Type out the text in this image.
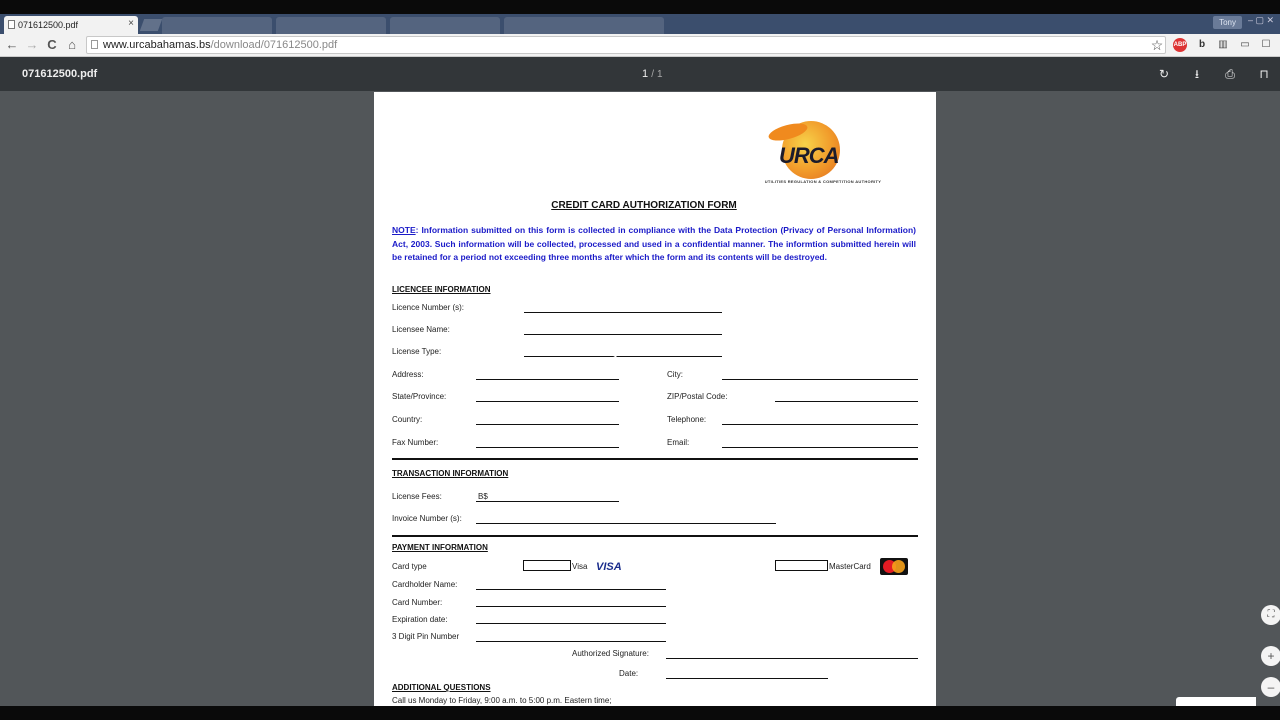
071612500.pdf	×	Tony	– ▢ ✕
← → C ⌂	www.urcabahamas.bs/download/071612500.pdf	☆ ABP	b	▥ ▭ ☐
071612500.pdf	1 / 1	↻	⭳	⎙ ⊓
URCA
UTILITIES REGULATION & COMPETITION AUTHORITY
CREDIT CARD AUTHORIZATION FORM
NOTE: Information submitted on this form is collected in compliance with the Data Protection (Privacy of Personal Information) Act, 2003. Such information will be collected, processed and used in a confidential manner. The informtion submitted herein will be retained for a period not exceeding three months after which the form and its contents will be destroyed.
LICENCEE INFORMATION
Licence Number (s):
Licensee Name:
License Type:
Address:	City:
State/Province:	ZIP/Postal Code:
Country:	Telephone:
Fax Number:	Email:
TRANSACTION INFORMATION
License Fees:	B$
Invoice Number (s):
PAYMENT INFORMATION
Card type	Visa VISA	MasterCard
Cardholder Name:
Card Number:
Expiration date:
3 Digit Pin Number
Authorized Signature:
Date:
ADDITIONAL QUESTIONS
Call us Monday to Friday, 9:00 a.m. to 5:00 p.m. Eastern time;
⛶
+
–
